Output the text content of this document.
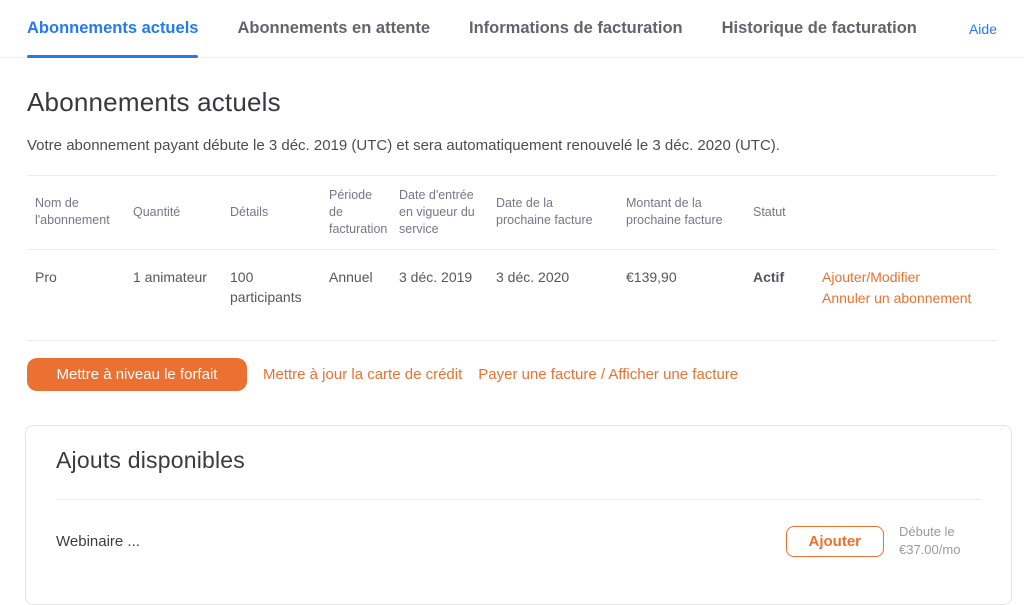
Abonnements actuels Abonnements en attente Informations de facturation Historique de facturation	Aide
Abonnements actuels

Votre abonnement payant débute le 3 déc. 2019 (UTC) et sera automatiquement renouvelé le 3 déc. 2020 (UTC).

Nom de l'abonnement	Quantité	Détails	Période de facturation	Date d'entrée en vigueur du service	Date de la prochaine facture	Montant de la prochaine facture	Statut	
Pro	1 animateur	100 participants	Annuel	3 déc. 2019	3 déc. 2020	€139,90	Actif	Ajouter/Modifier
Annuler un abonnement
Mettre à niveau le forfait	Mettre à jour la carte de crédit Payer une facture / Afficher une facture
Ajouts disponibles
Webinaire ...	Ajouter
Débute le
€37.00/mo
